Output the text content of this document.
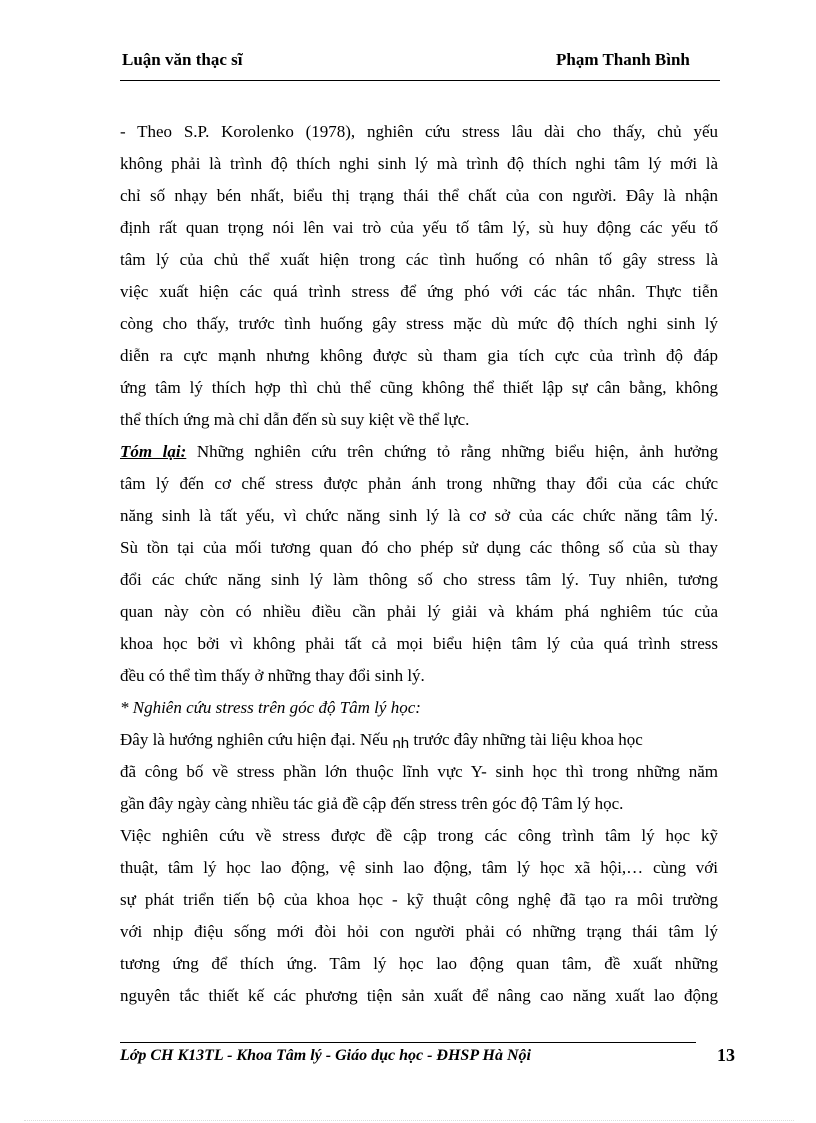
Luận văn thạc sĩ	Phạm Thanh Bình
- Theo S.P. Korolenko (1978), nghiên cứu stress lâu dài cho thấy, chủ yếu
không phải là trình độ thích nghi sinh lý mà trình độ thích nghi tâm lý mới là
chỉ số nhạy bén nhất, biểu thị trạng thái thể chất của con người. Đây là nhận
định rất quan trọng nói lên vai trò của yếu tố tâm lý, sù huy động các yếu tố
tâm lý của chủ thể xuất hiện trong các tình huống có nhân tố gây stress là
việc xuất hiện các quá trình stress để ứng phó với các tác nhân. Thực tiễn
còng cho thấy, trước tình huống gây stress mặc dù mức độ thích nghi sinh lý
diễn ra cực mạnh nhưng không được sù tham gia tích cực của trình độ đáp
ứng tâm lý thích hợp thì chủ thể cũng không thể thiết lập sự cân bằng, không
thể thích ứng mà chỉ dẫn đến sù suy kiệt về thể lực.
Tóm lại: Những nghiên cứu trên chứng tỏ rằng những biểu hiện, ảnh hưởng
tâm lý đến cơ chế stress được phản ánh trong những thay đổi của các chức
năng sinh là tất yếu, vì chức năng sinh lý là cơ sở của các chức năng tâm lý.
Sù tồn tại của mối tương quan đó cho phép sử dụng các thông số của sù thay
đổi các chức năng sinh lý làm thông số cho stress tâm lý. Tuy nhiên, tương
quan này còn có nhiều điều cần phải lý giải và khám phá nghiêm túc của
khoa học bởi vì không phải tất cả mọi biểu hiện tâm lý của quá trình stress
đều có thể tìm thấy ở những thay đổi sinh lý.
* Nghiên cứu stress trên góc độ Tâm lý học:
Đây là hướng nghiên cứu hiện đại. Nếu nh trước đây những tài liệu khoa học
đã công bố về stress phần lớn thuộc lĩnh vực Y- sinh học thì trong những năm
gần đây ngày càng nhiều tác giả đề cập đến stress trên góc độ Tâm lý học.
Việc nghiên cứu về stress được đề cập trong các công trình tâm lý học kỹ
thuật, tâm lý học lao động, vệ sinh lao động, tâm lý học xã hội,… cùng với
sự phát triển tiến bộ của khoa học - kỹ thuật công nghệ đã tạo ra môi trường
với nhịp điệu sống mới đòi hỏi con người phải có những trạng thái tâm lý
tương ứng để thích ứng. Tâm lý học lao động quan tâm, đề xuất những
nguyên tắc thiết kế các phương tiện sản xuất để nâng cao năng xuất lao động
Lớp CH K13TL - Khoa Tâm lý - Giáo dục học - ĐHSP Hà Nội	13
